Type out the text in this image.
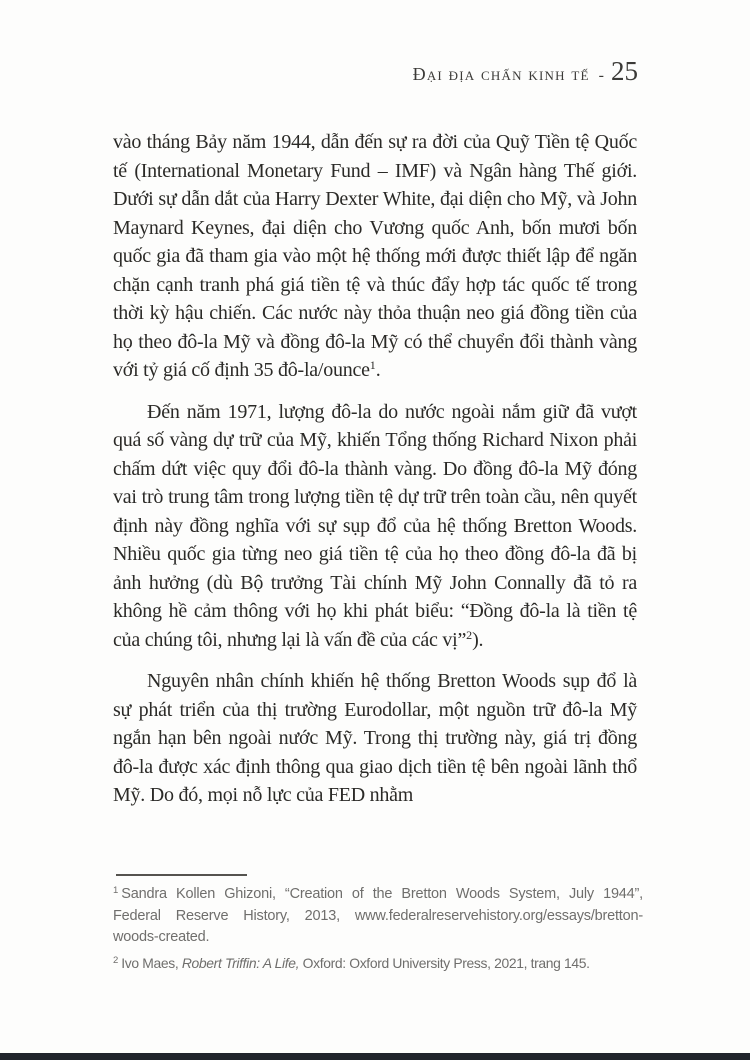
Đại địa chấn kinh tế - 25

vào tháng Bảy năm 1944, dẫn đến sự ra đời của Quỹ Tiền tệ Quốc tế (International Monetary Fund – IMF) và Ngân hàng Thế giới. Dưới sự dẫn dắt của Harry Dexter White, đại diện cho Mỹ, và John Maynard Keynes, đại diện cho Vương quốc Anh, bốn mươi bốn quốc gia đã tham gia vào một hệ thống mới được thiết lập để ngăn chặn cạnh tranh phá giá tiền tệ và thúc đẩy hợp tác quốc tế trong thời kỳ hậu chiến. Các nước này thỏa thuận neo giá đồng tiền của họ theo đô-la Mỹ và đồng đô-la Mỹ có thể chuyển đổi thành vàng với tỷ giá cố định 35 đô-la/ounce$^1$.

Đến năm 1971, lượng đô-la do nước ngoài nắm giữ đã vượt quá số vàng dự trữ của Mỹ, khiến Tổng thống Richard Nixon phải chấm dứt việc quy đổi đô-la thành vàng. Do đồng đô-la Mỹ đóng vai trò trung tâm trong lượng tiền tệ dự trữ trên toàn cầu, nên quyết định này đồng nghĩa với sự sụp đổ của hệ thống Bretton Woods. Nhiều quốc gia từng neo giá tiền tệ của họ theo đồng đô-la đã bị ảnh hưởng (dù Bộ trưởng Tài chính Mỹ John Connally đã tỏ ra không hề cảm thông với họ khi phát biểu: “Đồng đô-la là tiền tệ của chúng tôi, nhưng lại là vấn đề của các vị”$^2$).

Nguyên nhân chính khiến hệ thống Bretton Woods sụp đổ là sự phát triển của thị trường Eurodollar, một nguồn trữ đô-la Mỹ ngắn hạn bên ngoài nước Mỹ. Trong thị trường này, giá trị đồng đô-la được xác định thông qua giao dịch tiền tệ bên ngoài lãnh thổ Mỹ. Do đó, mọi nỗ lực của FED nhằm

$^1$ Sandra Kollen Ghizoni, “Creation of the Bretton Woods System, July 1944”,
Federal Reserve History, 2013, www.federalreservehistory.org/essays/bretton-
woods-created.

$^2$ Ivo Maes, Robert Triffin: A Life, Oxford: Oxford University Press, 2021, trang 145.
